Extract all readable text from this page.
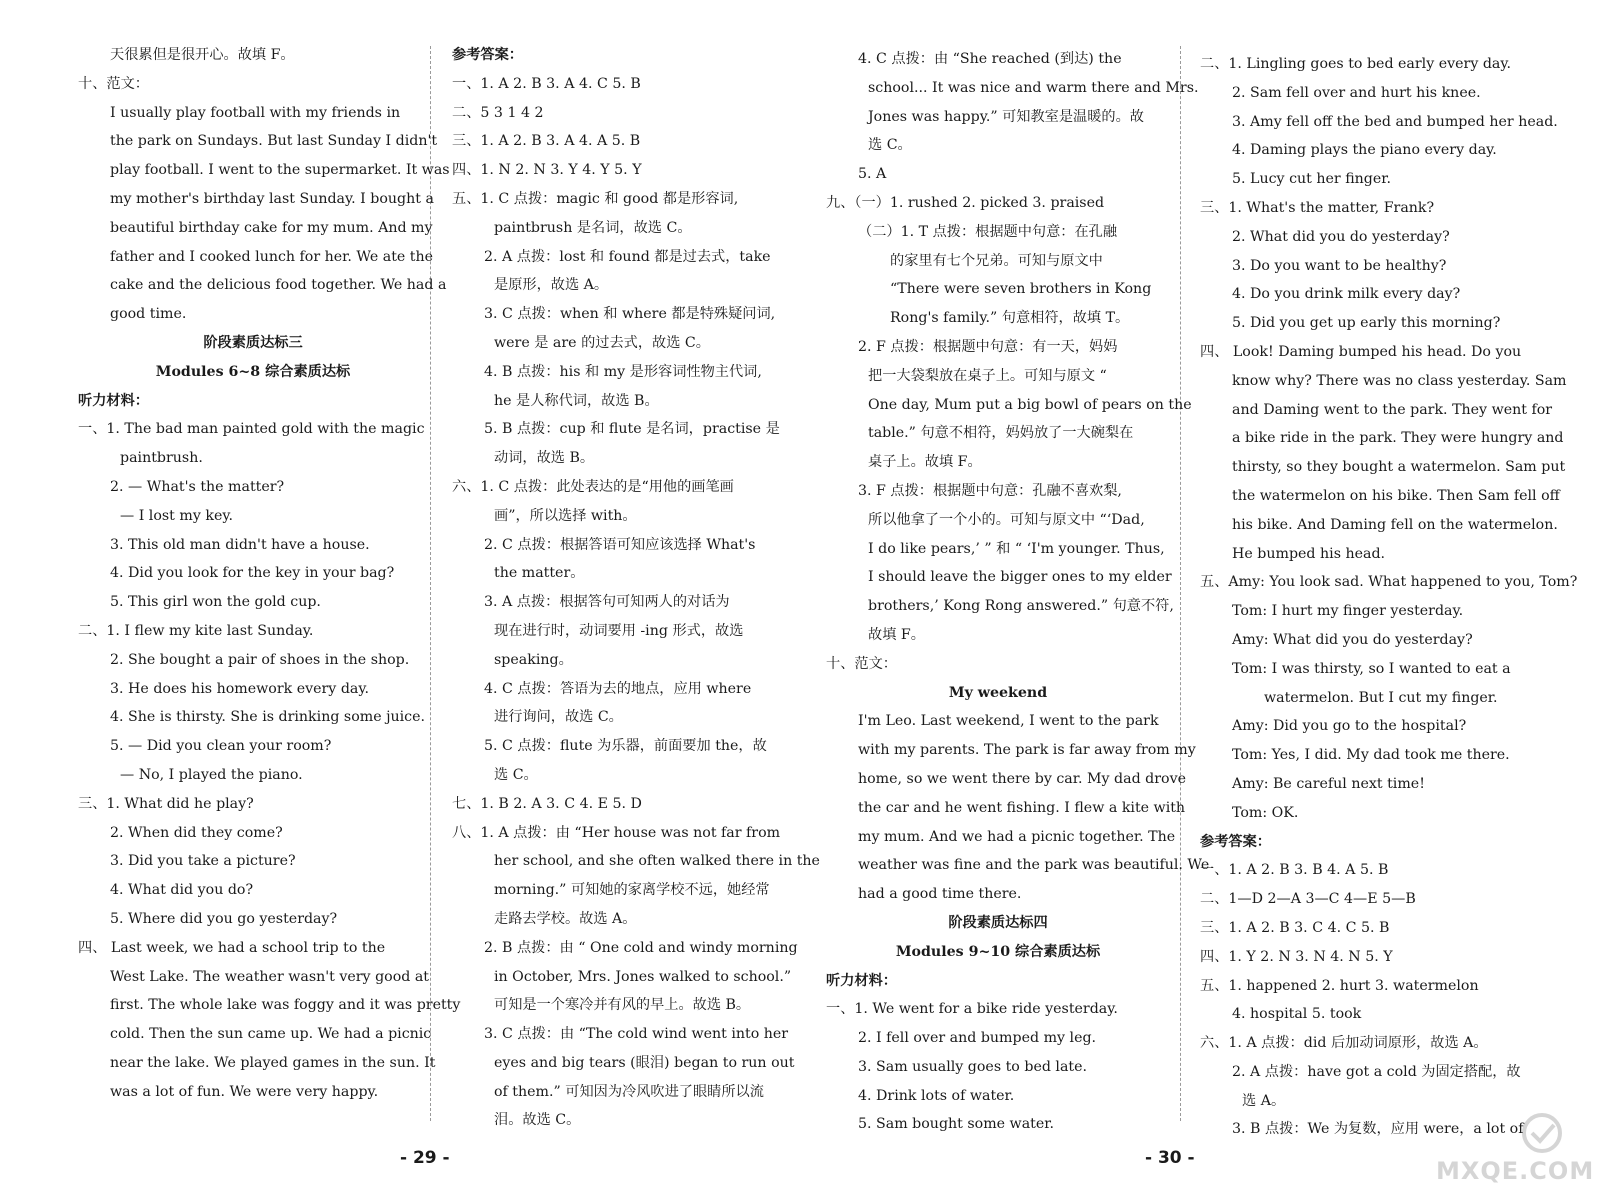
天很累但是很开心。故填 F。
十、范文：
I usually play football with my friends in
the park on Sundays. But last Sunday I didn't
play football. I went to the supermarket. It was
my mother's birthday last Sunday. I bought a
beautiful birthday cake for my mum. And my
father and I cooked lunch for her. We ate the
cake and the delicious food together. We had a
good time.
阶段素质达标三
Modules 6~8 综合素质达标
听力材料：
一、1. The bad man painted gold with the magic
paintbrush.
2. — What's the matter?
— I lost my key.
3. This old man didn't have a house.
4. Did you look for the key in your bag?
5. This girl won the gold cup.
二、1. I flew my kite last Sunday.
2. She bought a pair of shoes in the shop.
3. He does his homework every day.
4. She is thirsty. She is drinking some juice.
5. — Did you clean your room?
— No, I played the piano.
三、1. What did he play?
2. When did they come?
3. Did you take a picture?
4. What did you do?
5. Where did you go yesterday?
四、 Last week, we had a school trip to the
West Lake. The weather wasn't very good at
first. The whole lake was foggy and it was pretty
cold. Then the sun came up. We had a picnic
near the lake. We played games in the sun. It
was a lot of fun. We were very happy.
参考答案：
一、1. A 2. B 3. A 4. C 5. B
二、5 3 1 4 2
三、1. A 2. B 3. A 4. A 5. B
四、1. N 2. N 3. Y 4. Y 5. Y
五、1. C 点拨：magic 和 good 都是形容词,
paintbrush 是名词，故选 C。
2. A 点拨：lost 和 found 都是过去式，take
是原形，故选 A。
3. C 点拨：when 和 where 都是特殊疑问词,
were 是 are 的过去式，故选 C。
4. B 点拨：his 和 my 是形容词性物主代词,
he 是人称代词，故选 B。
5. B 点拨：cup 和 flute 是名词，practise 是
动词，故选 B。
六、1. C 点拨：此处表达的是“用他的画笔画
画”，所以选择 with。
2. C 点拨：根据答语可知应该选择 What's
the matter。
3. A 点拨：根据答句可知两人的对话为
现在进行时，动词要用 -ing 形式，故选
speaking。
4. C 点拨：答语为去的地点，应用 where
进行询问，故选 C。
5. C 点拨：flute 为乐器，前面要加 the，故
选 C。
七、1. B 2. A 3. C 4. E 5. D
八、1. A 点拨：由 “Her house was not far from
her school, and she often walked there in the
morning.” 可知她的家离学校不远，她经常
走路去学校。故选 A。
2. B 点拨：由 “ One cold and windy morning
in October, Mrs. Jones walked to school.”
可知是一个寒冷并有风的早上。故选 B。
3. C 点拨：由 “The cold wind went into her
eyes and big tears (眼泪) began to run out
of them.” 可知因为冷风吹进了眼睛所以流
泪。故选 C。
4. C 点拨：由 “She reached (到达) the
school... It was nice and warm there and Mrs.
Jones was happy.” 可知教室是温暖的。故
选 C。
5. A
九、（一）1. rushed 2. picked 3. praised
（二）1. T 点拨：根据题中句意：在孔融
的家里有七个兄弟。可知与原文中
“There were seven brothers in Kong
Rong's family.” 句意相符，故填 T。
2. F 点拨：根据题中句意：有一天，妈妈
把一大袋梨放在桌子上。可知与原文 “
One day, Mum put a big bowl of pears on the
table.” 句意不相符，妈妈放了一大碗梨在
桌子上。故填 F。
3. F 点拨：根据题中句意：孔融不喜欢梨,
所以他拿了一个小的。可知与原文中 “‘Dad,
I do like pears,’ ” 和 “ ‘I'm younger. Thus,
I should leave the bigger ones to my elder
brothers,’ Kong Rong answered.” 句意不符,
故填 F。
十、范文：
My weekend
I'm Leo. Last weekend, I went to the park
with my parents. The park is far away from my
home, so we went there by car. My dad drove
the car and he went fishing. I flew a kite with
my mum. And we had a picnic together. The
weather was fine and the park was beautiful. We
had a good time there.
阶段素质达标四
Modules 9~10 综合素质达标
听力材料：
一、1. We went for a bike ride yesterday.
2. I fell over and bumped my leg.
3. Sam usually goes to bed late.
4. Drink lots of water.
5. Sam bought some water.
二、1. Lingling goes to bed early every day.
2. Sam fell over and hurt his knee.
3. Amy fell off the bed and bumped her head.
4. Daming plays the piano every day.
5. Lucy cut her finger.
三、1. What's the matter, Frank?
2. What did you do yesterday?
3. Do you want to be healthy?
4. Do you drink milk every day?
5. Did you get up early this morning?
四、 Look! Daming bumped his head. Do you
know why? There was no class yesterday. Sam
and Daming went to the park. They went for
a bike ride in the park. They were hungry and
thirsty, so they bought a watermelon. Sam put
the watermelon on his bike. Then Sam fell off
his bike. And Daming fell on the watermelon.
He bumped his head.
五、Amy: You look sad. What happened to you, Tom?
Tom: I hurt my finger yesterday.
Amy: What did you do yesterday?
Tom: I was thirsty, so I wanted to eat a
watermelon. But I cut my finger.
Amy: Did you go to the hospital?
Tom: Yes, I did. My dad took me there.
Amy: Be careful next time!
Tom: OK.
参考答案：
一、1. A 2. B 3. B 4. A 5. B
二、1—D 2—A 3—C 4—E 5—B
三、1. A 2. B 3. C 4. C 5. B
四、1. Y 2. N 3. N 4. N 5. Y
五、1. happened 2. hurt 3. watermelon
4. hospital 5. took
六、1. A 点拨：did 后加动词原形，故选 A。
2. A 点拨：have got a cold 为固定搭配，故
选 A。
3. B 点拨：We 为复数，应用 were，a lot of
- 29 -	- 30 -	MXQE.COM
